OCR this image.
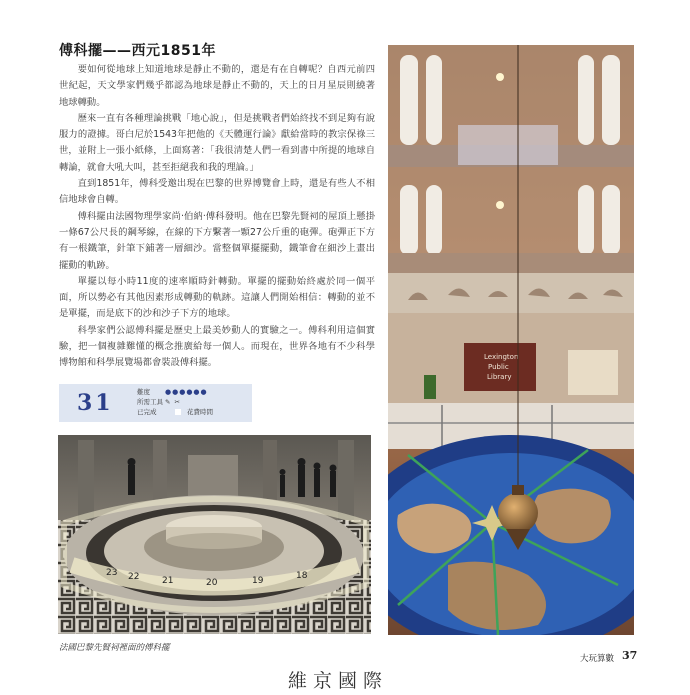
傅科擺——西元1851年

要如何從地球上知道地球是靜止不動的，還是有在自轉呢？自西元前四世紀起，天文學家們幾乎都認為地球是靜止不動的，天上的日月星辰則繞著地球轉動。

歷來一直有各種理論挑戰「地心說」，但是挑戰者們始終找不到足夠有說服力的證據。哥白尼於1543年把他的《天體運行論》獻給當時的教宗保祿三世，並附上一張小紙條，上面寫著：「我很清楚人們一看到書中所提的地球自轉論，就會大吼大叫，甚至拒絕我和我的理論。」

直到1851年，傅科受邀出現在巴黎的世界博覽會上時，還是有些人不相信地球會自轉。

傅科擺由法國物理學家尚‧伯納‧傅科發明。他在巴黎先賢祠的屋頂上懸掛一條67公尺長的鋼琴線，在線的下方繫著一顆27公斤重的砲彈。砲彈正下方有一根鐵筆，針筆下鋪著一層細沙。當整個單擺擺動，鐵筆會在細沙上畫出擺動的軌跡。

單擺以每小時11度的速率順時針轉動。單擺的擺動始終處於同一個平面，所以勢必有其他因素形成轉動的軌跡。這讓人們開始相信：轉動的並不是單擺，而是底下的沙和沙子下方的地球。

科學家們公認傅科擺是歷史上最美妙動人的實驗之一。傅科利用這個實驗，把一個複雜難懂的概念推廣給每一個人。而現在，世界各地有不少科學博物館和科學展覽場都會裝設傅科擺。

31	難度	●●●●●●
所需工具 ✎ ✂
已完成	花費時間
23 22	21	20	19	18
Lexington
Public
Library
法國巴黎先賢祠裡面的傅科擺
大玩算數 37
維京國際
